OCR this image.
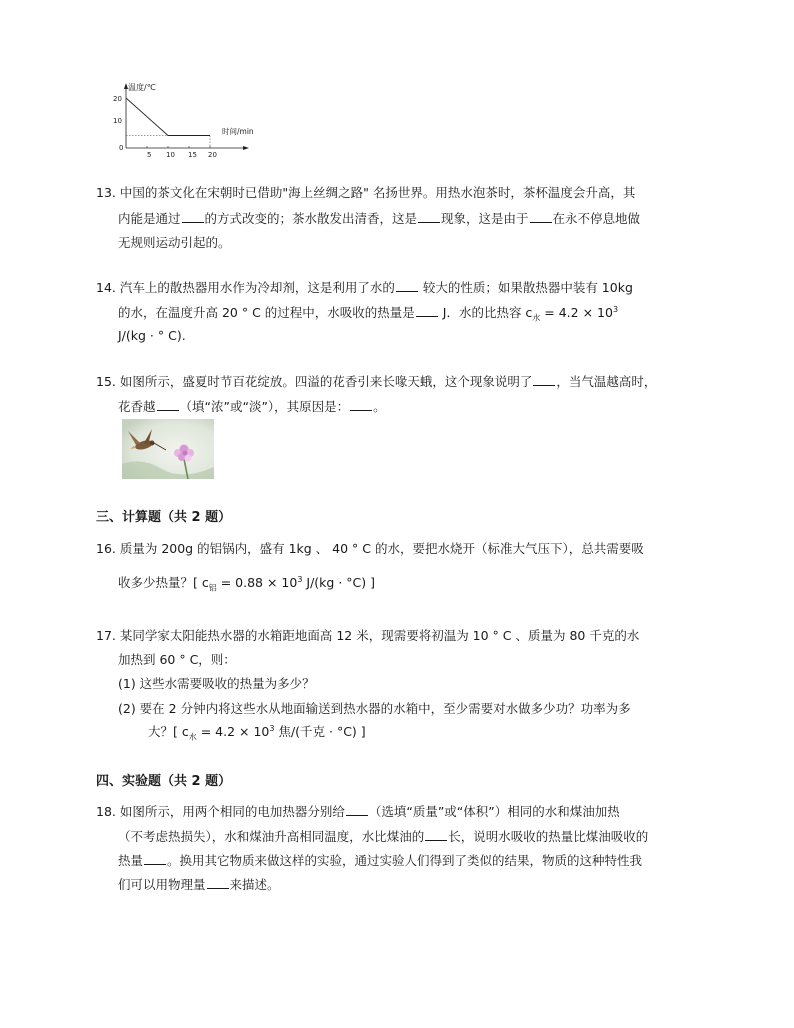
温度/℃
时间/min
20
10
0
5 10 15 20
13. 中国的茶文化在宋朝时已借助"海上丝绸之路" 名扬世界。用热水泡茶时，茶杯温度会升高，其
内能是通过 的方式改变的；茶水散发出清香，这是 现象，这是由于 在永不停息地做
无规则运动引起的。
14. 汽车上的散热器用水作为冷却剂，这是利用了水的 较大的性质；如果散热器中装有 10kg
的水，在温度升高 20 ° C 的过程中，水吸收的热量是 J．水的比热容 $c_水 = 4.2 \times 10^3$
J/(kg · ° C).
15. 如图所示，盛夏时节百花绽放。四溢的花香引来长喙天蛾，这个现象说明了 ，当气温越高时，
花香越 （填“浓”或“淡”），其原因是： 。
三、计算题（共 2 题）
16. 质量为 200g 的铝锅内，盛有 1kg 、 40 ° C 的水，要把水烧开（标准大气压下），总共需要吸
收多少热量？[ $c_铝 = 0.88 \times 10^3$ J/(kg · °C) ]
17. 某同学家太阳能热水器的水箱距地面高 12 米，现需要将初温为 10 ° C 、质量为 80 千克的水
加热到 60 ° C，则：
(1) 这些水需要吸收的热量为多少？
(2) 要在 2 分钟内将这些水从地面输送到热水器的水箱中，至少需要对水做多少功？功率为多
大？[ $c_水 = 4.2 \times 10^3$ 焦/(千克 · °C) ]
四、实验题（共 2 题）
18. 如图所示，用两个相同的电加热器分别给 （选填“质量”或“体积”）相同的水和煤油加热
（不考虑热损失），水和煤油升高相同温度，水比煤油的 长，说明水吸收的热量比煤油吸收的
热量 。换用其它物质来做这样的实验，通过实验人们得到了类似的结果，物质的这种特性我
们可以用物理量 来描述。
